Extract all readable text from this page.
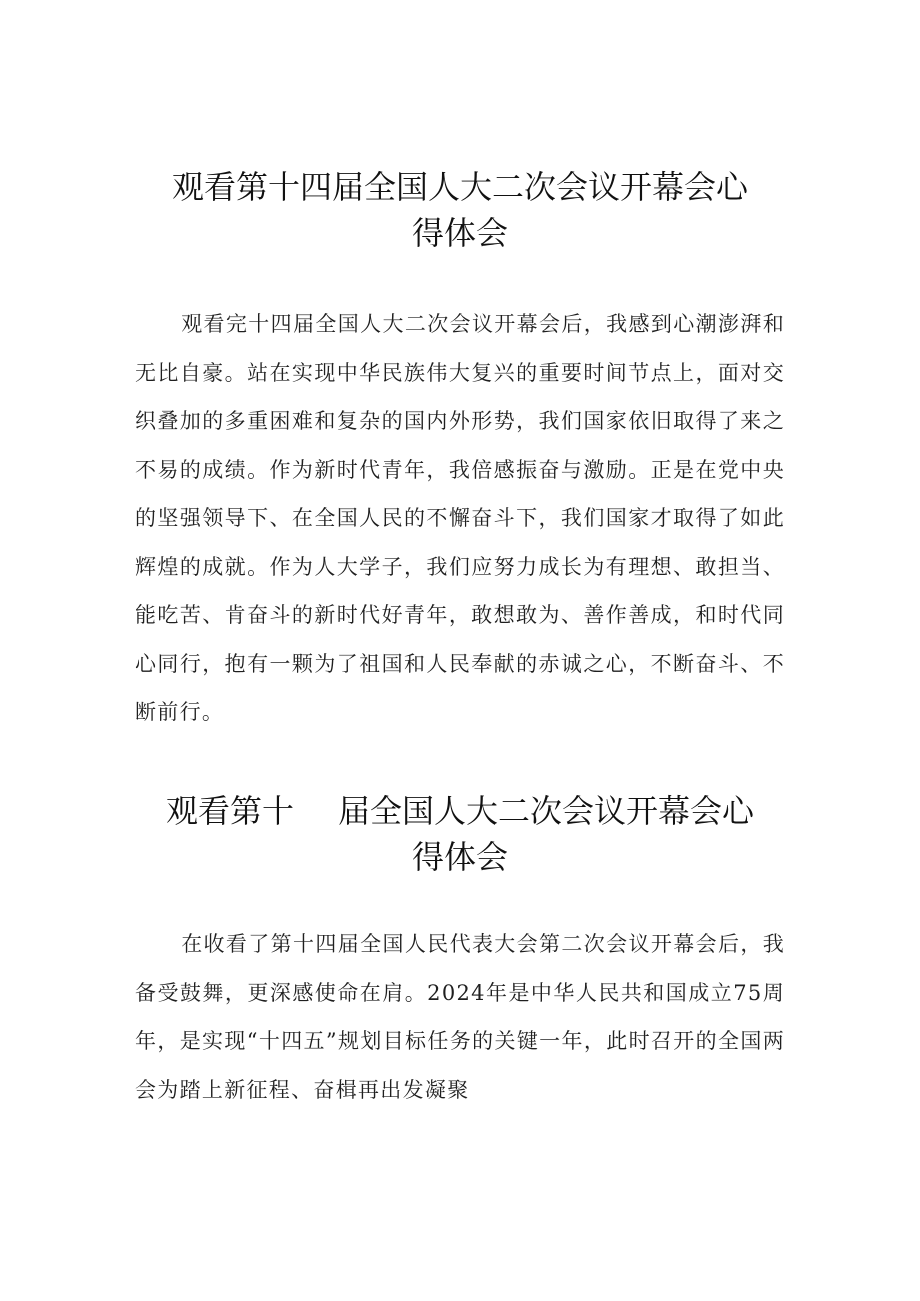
观看第十四届全国人大二次会议开幕会心
得体会

观看完十四届全国人大二次会议开幕会后，我感到心潮澎湃和无比自豪。站在实现中华民族伟大复兴的重要时间节点上，面对交织叠加的多重困难和复杂的国内外形势，我们国家依旧取得了来之不易的成绩。作为新时代青年，我倍感振奋与激励。正是在党中央的坚强领导下、在全国人民的不懈奋斗下，我们国家才取得了如此辉煌的成就。作为人大学子，我们应努力成长为有理想、敢担当、能吃苦、肯奋斗的新时代好青年，敢想敢为、善作善成，和时代同心同行，抱有一颗为了祖国和人民奉献的赤诚之心，不断奋斗、不断前行。

观看第十 届全国人大二次会议开幕会心
得体会

在收看了第十四届全国人民代表大会第二次会议开幕会后，我备受鼓舞，更深感使命在肩。2024年是中华人民共和国成立75周年，是实现“十四五”规划目标任务的关键一年，此时召开的全国两会为踏上新征程、奋楫再出发凝聚
